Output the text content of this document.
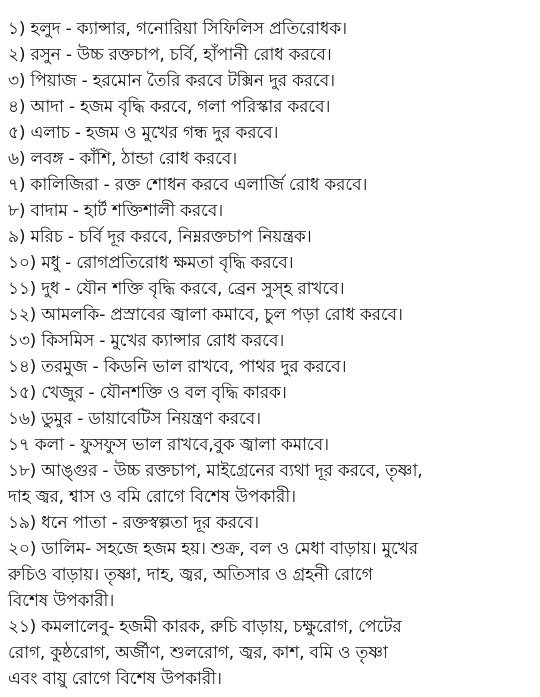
১) হলুদ - ক্যান্সার, গনোরিয়া সিফিলিস প্রতিরোধক।
২) রসুন - উচ্চ রক্তচাপ, চর্বি, হাঁপানী রোধ করবে।
৩) পিয়াজ - হরমোন তৈরি করবে টক্সিন দুর করবে।
৪) আদা - হজম বৃদ্ধি করবে, গলা পরিস্কার করবে।
৫) এলাচ - হজম ও মুখের গন্ধ দুর করবে।
৬) লবঙ্গ - কাঁশি, ঠান্ডা রোধ করবে।
৭) কালিজিরা - রক্ত শোধন করবে এলার্জি রোধ করবে।
৮) বাদাম - হার্ট শক্তিশালী করবে।
৯) মরিচ - চর্বি দূর করবে, নিম্নরক্তচাপ নিয়ন্ত্রক।
১০) মধু - রোগপ্রতিরোধ ক্ষমতা বৃদ্ধি করবে।
১১) দুধ - যৌন শক্তি বৃদ্ধি করবে, ব্রেন সুস্হ রাখবে।
১২) আমলকি- প্রস্রাবের জ্বালা কমাবে, চুল পড়া রোধ করবে।
১৩) কিসমিস - মুখের ক্যান্সার রোধ করবে।
১৪) তরমুজ - কিডনি ভাল রাখবে, পাথর দুর করবে।
১৫) খেজুর - যৌনশক্তি ও বল বৃদ্ধি কারক।
১৬) ডুমুর - ডায়াবেটিস নিয়ন্ত্রণ করবে।
১৭ কলা - ফুসফুস ভাল রাখবে,বুক জ্বালা কমাবে।
১৮) আঙ্গুর - উচ্চ রক্তচাপ, মাইগ্রেনের ব্যথা দূর করবে, তৃষ্ণা,
দাহ জ্বর, শ্বাস ও বমি রোগে বিশেষ উপকারী।
১৯) ধনে পাতা - রক্তস্বল্পতা দূর করবে।
২০) ডালিম- সহজে হজম হয়। শুক্র, বল ও মেধা বাড়ায়। মুখের
রুচিও বাড়ায়। তৃষ্ণা, দাহ, জ্বর, অতিসার ও গ্রহনী রোগে
বিশেষ উপকারী।
২১) কমলালেবু- হজমী কারক, রুচি বাড়ায়, চক্ষুরোগ, পেটের
রোগ, কুষ্ঠরোগ, অর্জীণ, শুলরোগ, জ্বর, কাশ, বমি ও তৃষ্ণা
এবং বায়ু রোগে বিশেষ উপকারী।
